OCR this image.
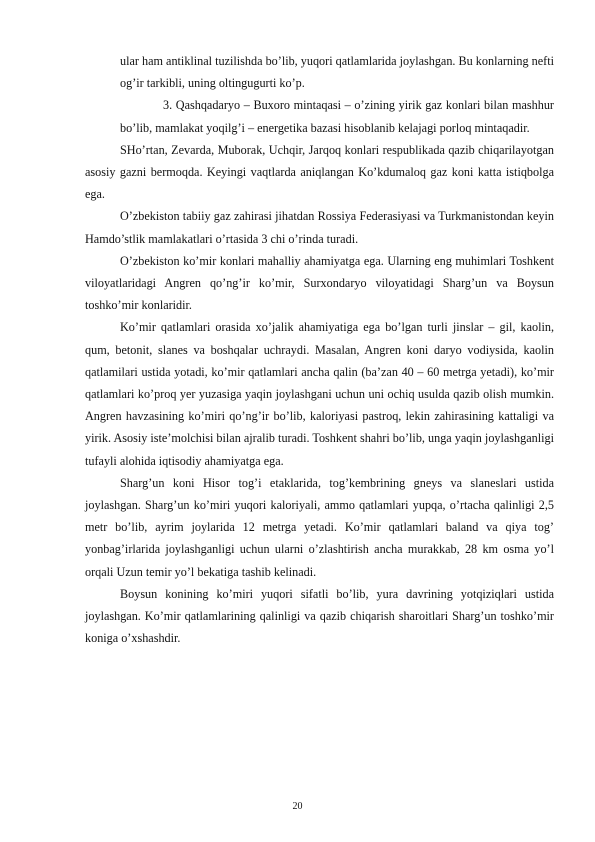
ular ham antiklinal tuzilishda bo’lib, yuqori qatlamlarida joylashgan. Bu konlarning nefti og’ir tarkibli, uning oltingugurti ko’p.

3. Qashqadaryo – Buxoro mintaqasi – o’zining yirik gaz konlari bilan mashhur bo’lib, mamlakat yoqilg’i – energetika bazasi hisoblanib kelajagi porloq mintaqadir.

SHo’rtan, Zevarda, Muborak, Uchqir, Jarqoq konlari respublikada qazib chiqarilayotgan asosiy gazni bermoqda. Keyingi vaqtlarda aniqlangan Ko’kdumaloq gaz koni katta istiqbolga ega.

O’zbekiston tabiiy gaz zahirasi jihatdan Rossiya Federasiyasi va Turkmanistondan keyin Hamdo’stlik mamlakatlari o’rtasida 3 chi o’rinda turadi.

O’zbekiston ko’mir konlari mahalliy ahamiyatga ega. Ularning eng muhimlari Toshkent viloyatlaridagi Angren qo’ng’ir ko’mir, Surxondaryo viloyatidagi Sharg’un va Boysun toshko’mir konlaridir.

Ko’mir qatlamlari orasida xo’jalik ahamiyatiga ega bo’lgan turli jinslar – gil, kaolin, qum, betonit, slanes va boshqalar uchraydi. Masalan, Angren koni daryo vodiysida, kaolin qatlamilari ustida yotadi, ko’mir qatlamlari ancha qalin (ba’zan 40 – 60 metrga yetadi), ko’mir qatlamlari ko’proq yer yuzasiga yaqin joylashgani uchun uni ochiq usulda qazib olish mumkin. Angren havzasining ko’miri qo’ng’ir bo’lib, kaloriyasi pastroq, lekin zahirasining kattaligi va yirik. Asosiy iste’molchisi bilan ajralib turadi. Toshkent shahri bo’lib, unga yaqin joylashganligi tufayli alohida iqtisodiy ahamiyatga ega.

Sharg’un koni Hisor tog’i etaklarida, tog’kembrining gneys va slaneslari ustida joylashgan. Sharg’un ko’miri yuqori kaloriyali, ammo qatlamlari yupqa, o’rtacha qalinligi 2,5 metr bo’lib, ayrim joylarida 12 metrga yetadi. Ko’mir qatlamlari baland va qiya tog’ yonbag’irlarida joylashganligi uchun ularni o’zlashtirish ancha murakkab, 28 km osma yo’l orqali Uzun temir yo’l bekatiga tashib kelinadi.

Boysun konining ko’miri yuqori sifatli bo’lib, yura davrining yotqiziqlari ustida joylashgan. Ko’mir qatlamlarining qalinligi va qazib chiqarish sharoitlari Sharg’un toshko’mir koniga o’xshashdir.

20
